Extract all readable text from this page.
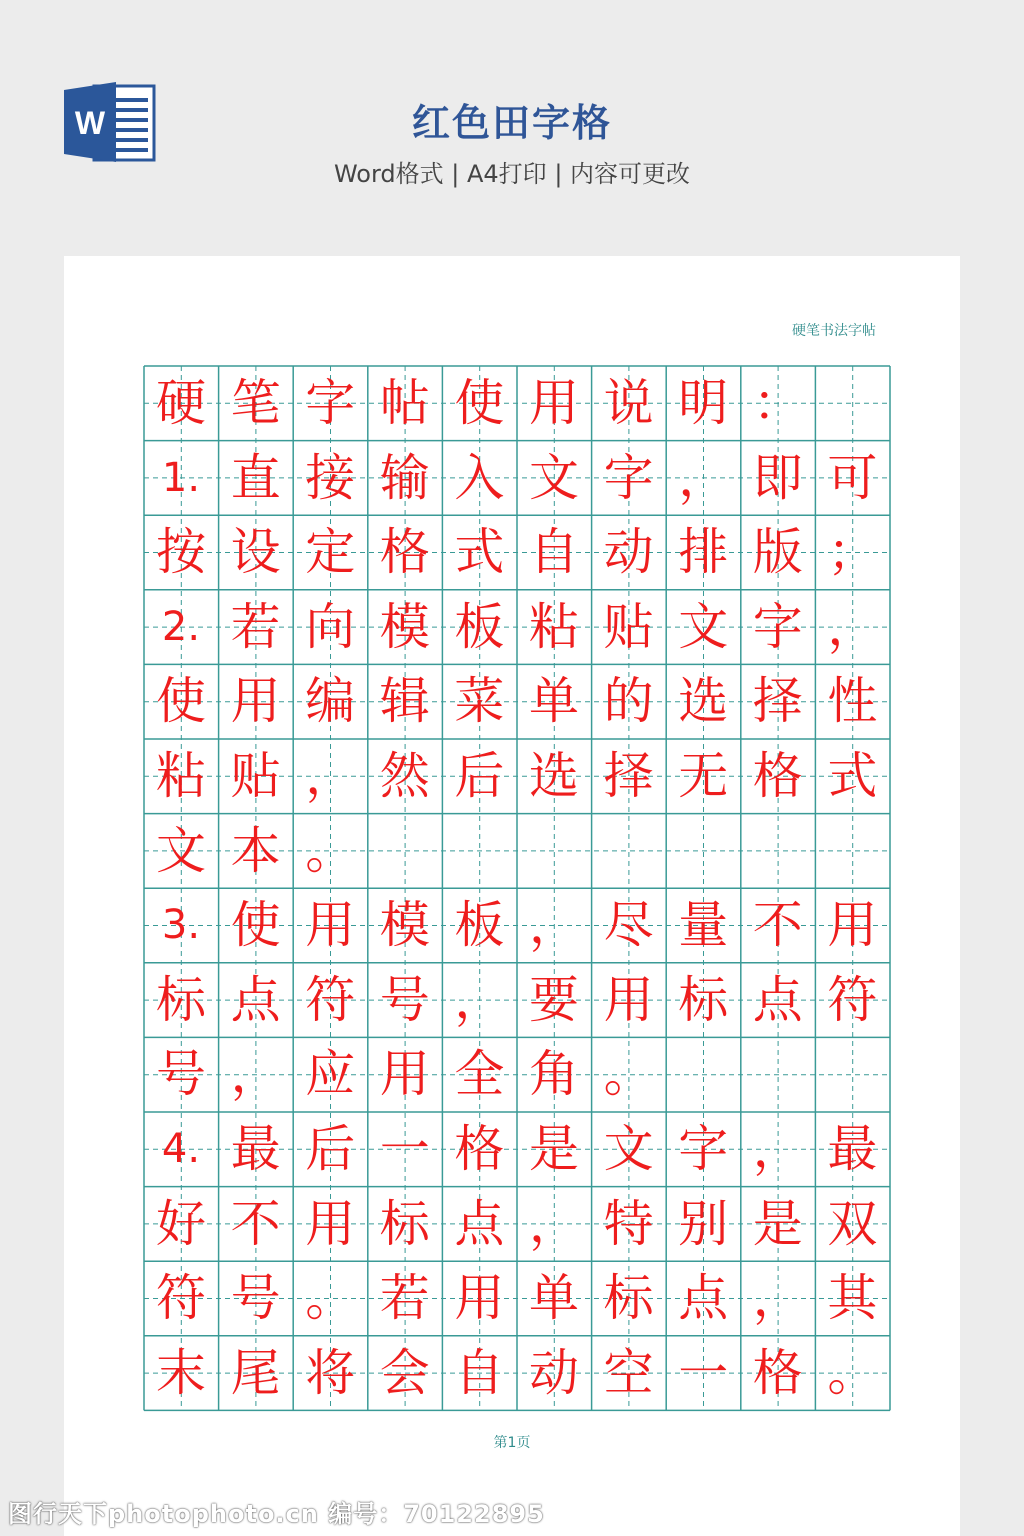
W	红色田字格
Word格式 | A4打印 | 内容可更改
硬笔书法字帖
硬 笔 字 帖 使 用 说 明 ：
1. 直 接 输 入 文 字 ， 即 可
按 设 定 格 式 自 动 排 版 ；
2. 若 向 模 板 粘 贴 文 字 ，
使 用 编 辑 菜 单 的 选 择 性
粘 贴 ， 然 后 选 择 无 格 式
文 本 。
3. 使 用 模 板 ， 尽 量 不 用
标 点 符 号 ， 要 用 标 点 符
号 ， 应 用 全 角 。
4. 最 后 一 格 是 文 字 ， 最
好 不 用 标 点 ， 特 别 是 双
符 号 。 若 用 单 标 点 ， 其
末 尾 将 会 自 动 空 一 格 。
第1页
图行天下photophoto.cn 编号：70122895
